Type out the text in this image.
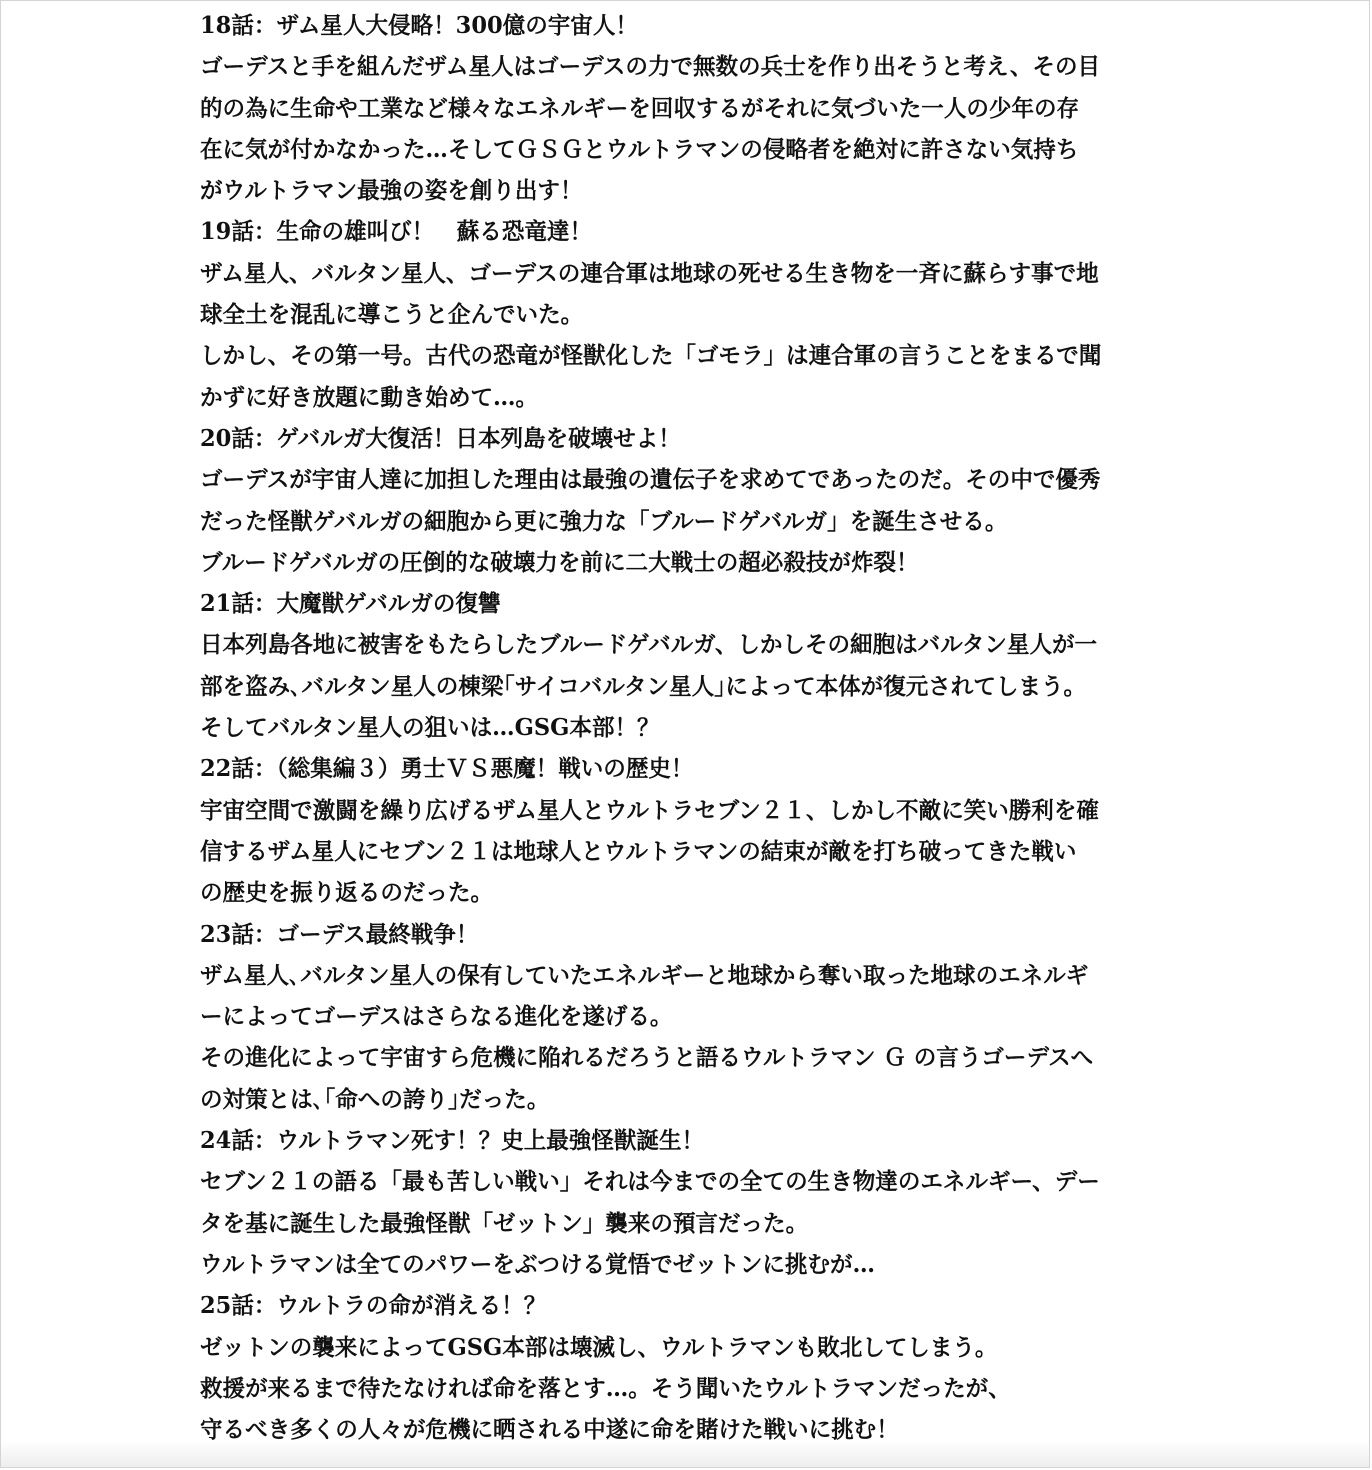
18話：ザム星人大侵略！300億の宇宙人！ ゴーデスと手を組んだザム星人はゴーデスの力で無数の兵士を作り出そうと考え、その目 的の為に生命や工業など様々なエネルギーを回収するがそれに気づいた一人の少年の存 在に気が付かなかった…そしてＧＳＧとウルトラマンの侵略者を絶対に許さない気持ち がウルトラマン最強の姿を創り出す！ 19話：生命の雄叫び！　蘇る恐竜達！ ザム星人、バルタン星人、ゴーデスの連合軍は地球の死せる生き物を一斉に蘇らす事で地 球全土を混乱に導こうと企んでいた。 しかし、その第一号。古代の恐竜が怪獣化した「ゴモラ」は連合軍の言うことをまるで聞 かずに好き放題に動き始めて…。 20話：ゲバルガ大復活！日本列島を破壊せよ！ ゴーデスが宇宙人達に加担した理由は最強の遺伝子を求めてであったのだ。その中で優秀 だった怪獣ゲバルガの細胞から更に強力な「ブルードゲバルガ」を誕生させる。 ブルードゲバルガの圧倒的な破壊力を前に二大戦士の超必殺技が炸裂！ 21話：大魔獣ゲバルガの復讐 日本列島各地に被害をもたらしたブルードゲバルガ、しかしその細胞はバルタン星人が一 部を盗み､バルタン星人の棟梁｢サイコバルタン星人｣によって本体が復元されてしまう。 そしてバルタン星人の狙いは…GSG本部！？ 22話：（総集編３）勇士ＶＳ悪魔！戦いの歴史！ 宇宙空間で激闘を繰り広げるザム星人とウルトラセブン２１、しかし不敵に笑い勝利を確 信するザム星人にセブン２１は地球人とウルトラマンの結束が敵を打ち破ってきた戦い の歴史を振り返るのだった。 23話：ゴーデス最終戦争！ ザム星人､バルタン星人の保有していたエネルギーと地球から奪い取った地球のエネルギ ーによってゴーデスはさらなる進化を遂げる。 その進化によって宇宙すら危機に陥れるだろうと語るウルトラマン Ｇ の言うゴーデスへ の対策とは､｢命への誇り｣だった。 24話：ウルトラマン死す！？史上最強怪獣誕生！ セブン２１の語る「最も苦しい戦い」それは今までの全ての生き物達のエネルギー、デー タを基に誕生した最強怪獣「ゼットン」襲来の預言だった。 ウルトラマンは全てのパワーをぶつける覚悟でゼットンに挑むが… 25話：ウルトラの命が消える！？ ゼットンの襲来によってGSG本部は壊滅し、ウルトラマンも敗北してしまう。 救援が来るまで待たなければ命を落とす…。そう聞いたウルトラマンだったが、 守るべき多くの人々が危機に晒される中遂に命を賭けた戦いに挑む！
